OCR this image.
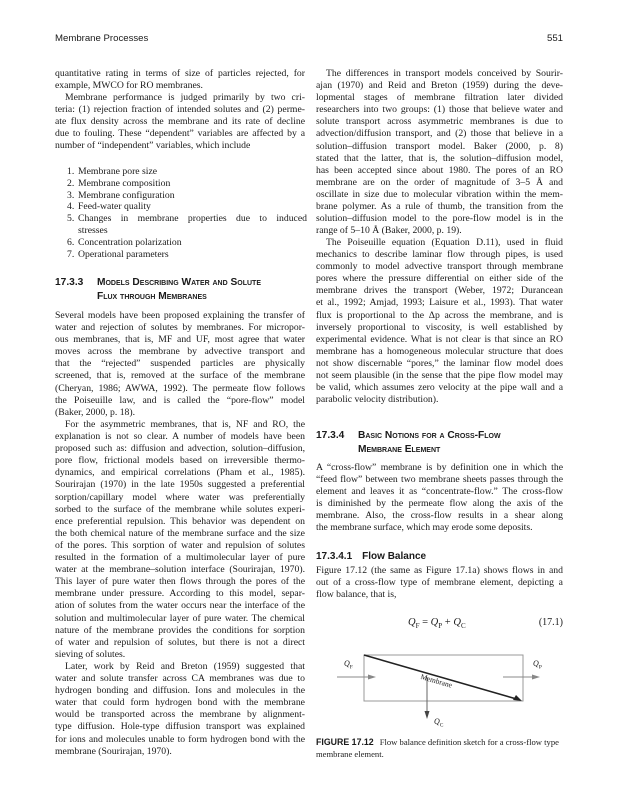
Membrane Processes	551
quantitative rating in terms of size of particles rejected, for
example, MWCO for RO membranes.
Membrane performance is judged primarily by two cri-
teria: (1) rejection fraction of intended solutes and (2) perme-
ate flux density across the membrane and its rate of decline
due to fouling. These “dependent” variables are affected by a
number of “independent” variables, which include
1. Membrane pore size
2. Membrane composition
3. Membrane configuration
4. Feed-water quality
5. Changes in membrane properties due to induced
stresses
6. Concentration polarization
7. Operational parameters
17.3.3 Models Describing Water and Solute
Flux through Membranes
Several models have been proposed explaining the transfer of
water and rejection of solutes by membranes. For micropor-
ous membranes, that is, MF and UF, most agree that water
moves across the membrane by advective transport and
that the “rejected” suspended particles are physically
screened, that is, removed at the surface of the membrane
(Cheryan, 1986; AWWA, 1992). The permeate flow follows
the Poiseuille law, and is called the “pore-flow” model
(Baker, 2000, p. 18).
For the asymmetric membranes, that is, NF and RO, the
explanation is not so clear. A number of models have been
proposed such as: diffusion and advection, solution–diffusion,
pore flow, frictional models based on irreversible thermo-
dynamics, and empirical correlations (Pham et al., 1985).
Sourirajan (1970) in the late 1950s suggested a preferential
sorption/capillary model where water was preferentially
sorbed to the surface of the membrane while solutes experi-
ence preferential repulsion. This behavior was dependent on
the both chemical nature of the membrane surface and the size
of the pores. This sorption of water and repulsion of solutes
resulted in the formation of a multimolecular layer of pure
water at the membrane–solution interface (Sourirajan, 1970).
This layer of pure water then flows through the pores of the
membrane under pressure. According to this model, separ-
ation of solutes from the water occurs near the interface of the
solution and multimolecular layer of pure water. The chemical
nature of the membrane provides the conditions for sorption
of water and repulsion of solutes, but there is not a direct
sieving of solutes.
Later, work by Reid and Breton (1959) suggested that
water and solute transfer across CA membranes was due to
hydrogen bonding and diffusion. Ions and molecules in the
water that could form hydrogen bond with the membrane
would be transported across the membrane by alignment-
type diffusion. Hole-type diffusion transport was explained
for ions and molecules unable to form hydrogen bond with the
membrane (Sourirajan, 1970).
The differences in transport models conceived by Sourir-
ajan (1970) and Reid and Breton (1959) during the deve-
lopmental stages of membrane filtration later divided
researchers into two groups: (1) those that believe water and
solute transport across asymmetric membranes is due to
advection/diffusion transport, and (2) those that believe in a
solution–diffusion transport model. Baker (2000, p. 8)
stated that the latter, that is, the solution–diffusion model,
has been accepted since about 1980. The pores of an RO
membrane are on the order of magnitude of 3–5 Å and
oscillate in size due to molecular vibration within the mem-
brane polymer. As a rule of thumb, the transition from the
solution–diffusion model to the pore-flow model is in the
range of 5–10 Å (Baker, 2000, p. 19).
The Poiseuille equation (Equation D.11), used in fluid
mechanics to describe laminar flow through pipes, is used
commonly to model advective transport through membrane
pores where the pressure differential on either side of the
membrane drives the transport (Weber, 1972; Durancean
et al., 1992; Amjad, 1993; Laisure et al., 1993). That water
flux is proportional to the Δp across the membrane, and is
inversely proportional to viscosity, is well established by
experimental evidence. What is not clear is that since an RO
membrane has a homogeneous molecular structure that does
not show discernable “pores,” the laminar flow model does
not seem plausible (in the sense that the pipe flow model may
be valid, which assumes zero velocity at the pipe wall and a
parabolic velocity distribution).
17.3.4 Basic Notions for a Cross-Flow
Membrane Element
A “cross-flow” membrane is by definition one in which the
“feed flow” between two membrane sheets passes through the
element and leaves it as “concentrate-flow.” The cross-flow
is diminished by the permeate flow along the axis of the
membrane. Also, the cross-flow results in a shear along
the membrane surface, which may erode some deposits.
17.3.4.1 Flow Balance
Figure 17.12 (the same as Figure 17.1a) shows flows in and
out of a cross-flow type of membrane element, depicting a
flow balance, that is,
$Q_F = Q_P + Q_C$	(17.1)
$Q_F$	$Q_P$
$Q_C$
Membrane
FIGURE 17.12 Flow balance definition sketch for a cross-flow type membrane element.
